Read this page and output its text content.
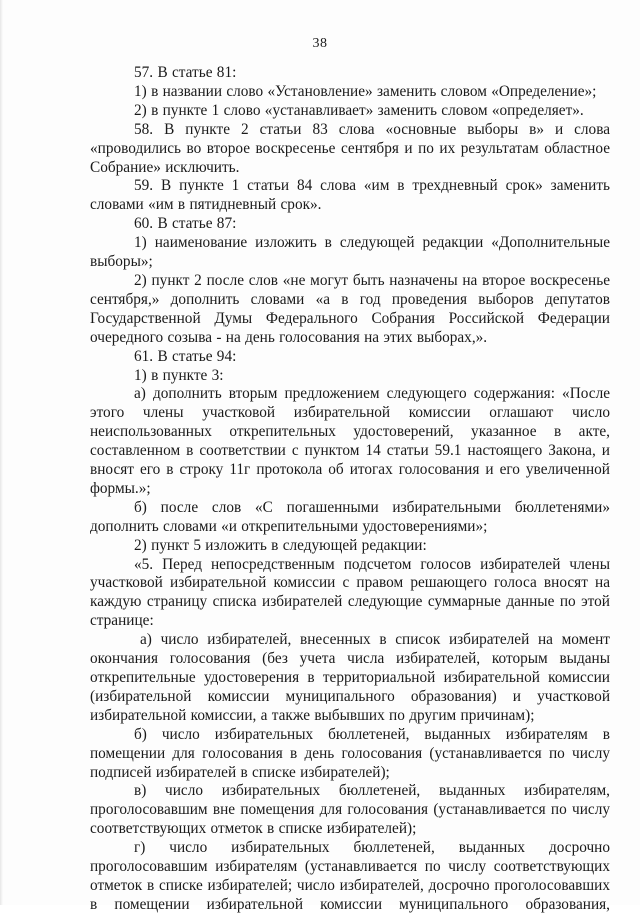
38

57. В статье 81:

1) в названии слово «Установление» заменить словом «Определение»;

2) в пункте 1 слово «устанавливает» заменить словом «определяет».

58. В пункте 2 статьи 83 слова «основные выборы в» и слова «проводились во второе воскресенье сентября и по их результатам областное Собрание» исключить.

59. В пункте 1 статьи 84 слова «им в трехдневный срок» заменить словами «им в пятидневный срок».

60. В статье 87:

1) наименование изложить в следующей редакции «Дополнительные выборы»;

2) пункт 2 после слов «не могут быть назначены на второе воскресенье сентября,» дополнить словами «а в год проведения выборов депутатов Государственной Думы Федерального Собрания Российской Федерации очередного созыва - на день голосования на этих выборах,».

61. В статье 94:

1) в пункте 3:

а) дополнить вторым предложением следующего содержания: «После этого члены участковой избирательной комиссии оглашают число неиспользованных открепительных удостоверений, указанное в акте, составленном в соответствии с пунктом 14 статьи 59.1 настоящего Закона, и вносят его в строку 11г протокола об итогах голосования и его увеличенной формы.»;

б) после слов «С погашенными избирательными бюллетенями» дополнить словами «и открепительными удостоверениями»;

2) пункт 5 изложить в следующей редакции:

«5. Перед непосредственным подсчетом голосов избирателей члены участковой избирательной комиссии с правом решающего голоса вносят на каждую страницу списка избирателей следующие суммарные данные по этой странице:

а) число избирателей, внесенных в список избирателей на момент окончания голосования (без учета числа избирателей, которым выданы открепительные удостоверения в территориальной избирательной комиссии (избирательной комиссии муниципального образования) и участковой избирательной комиссии, а также выбывших по другим причинам);

б) число избирательных бюллетеней, выданных избирателям в помещении для голосования в день голосования (устанавливается по числу подписей избирателей в списке избирателей);

в) число избирательных бюллетеней, выданных избирателям, проголосовавшим вне помещения для голосования (устанавливается по числу соответствующих отметок в списке избирателей);

г) число избирательных бюллетеней, выданных досрочно проголосовавшим избирателям (устанавливается по числу соответствующих отметок в списке избирателей; число избирателей, досрочно проголосовавших в помещении избирательной комиссии муниципального образования,
